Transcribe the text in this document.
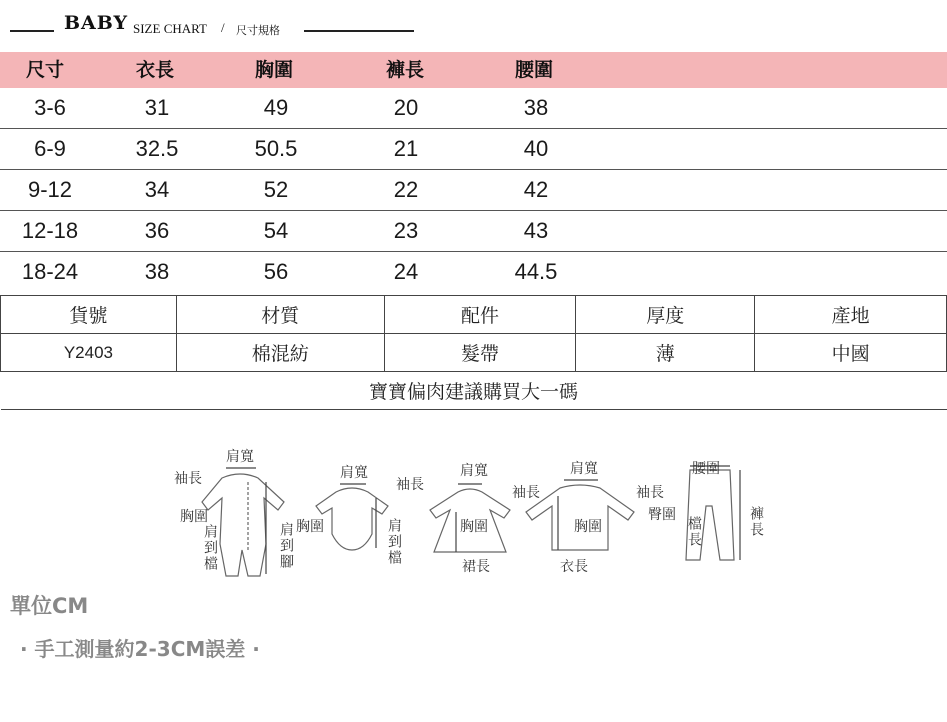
BABY SIZE CHART / 尺寸規格
尺寸	衣長	胸圍	褲長	腰圍
3-6	31	49	20	38
6-9	32.5	50.5	21	40
9-12	34	52	22	42
12-18	36	54	23	43
18-24	38	56	24	44.5
貨號	材質	配件	厚度	產地
Y2403	棉混紡	髮帶	薄	中國
寶寶偏肉建議購買大一碼				
肩寬
袖長
胸圍
肩到檔	肩到腳
肩寬
袖長
胸圍	肩到檔
肩寬
袖長
胸圍
裙長
肩寬
袖長
胸圍
衣長
腰圍
臀圍
檔長	褲長
單位CM
· 手工測量約2-3CM誤差 ·
